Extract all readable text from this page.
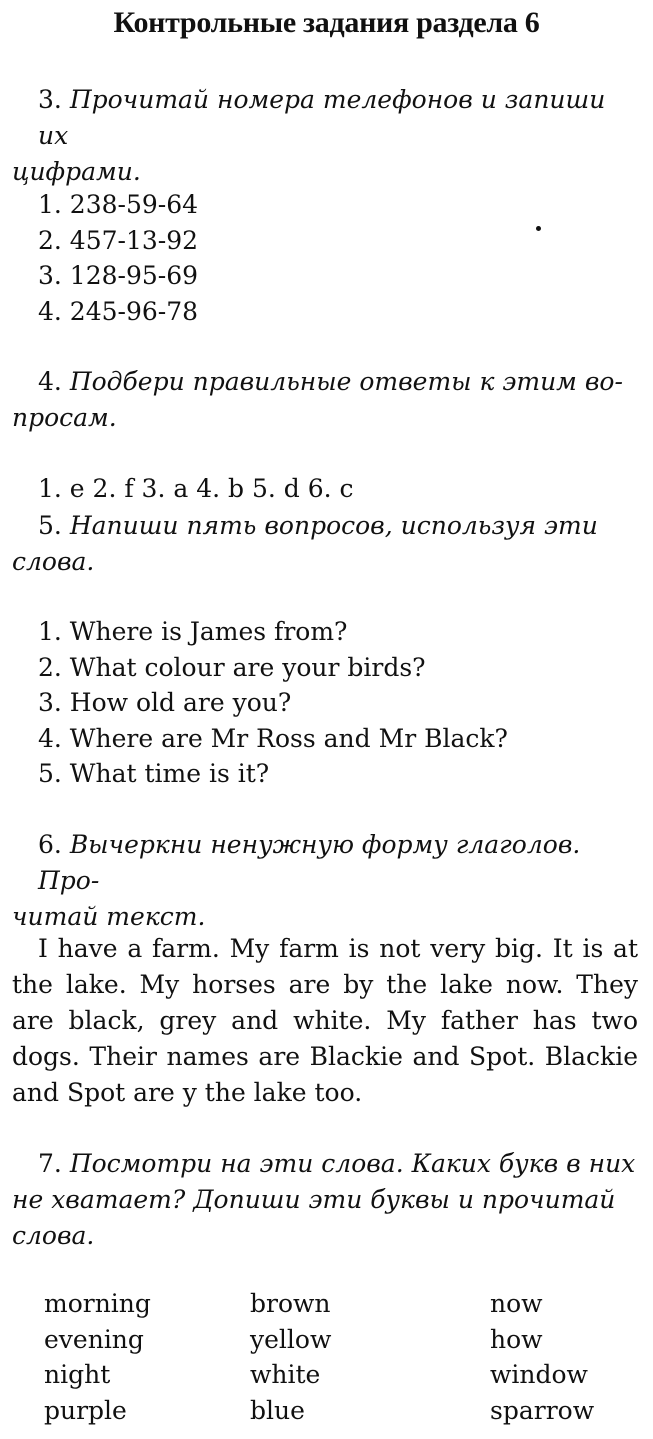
Контрольные задания раздела 6
3. Прочитай номера телефонов и запиши их
цифрами.
1. 238-59-64
2. 457-13-92
3. 128-95-69
4. 245-96-78
4. Подбери правильные ответы к этим во-
просам.
1. e 2. f 3. a 4. b 5. d 6. c
5. Напиши пять вопросов, используя эти
слова.
1. Where is James from?
2. What colour are your birds?
3. How old are you?
4. Where are Mr Ross and Mr Black?
5. What time is it?
6. Вычеркни ненужную форму глаголов. Про-
читай текст.
I have a farm. My farm is not very big. It is at the lake. My horses are by the lake now. They are black, grey and white. My father has two dogs. Their names are Blackie and Spot. Blackie and Spot are y the lake too.
7. Посмотри на эти слова. Каких букв в них
не хватает? Допиши эти буквы и прочитай
слова.
morning
evening
night
purple
brown
yellow
white
blue
now
how
window
sparrow
